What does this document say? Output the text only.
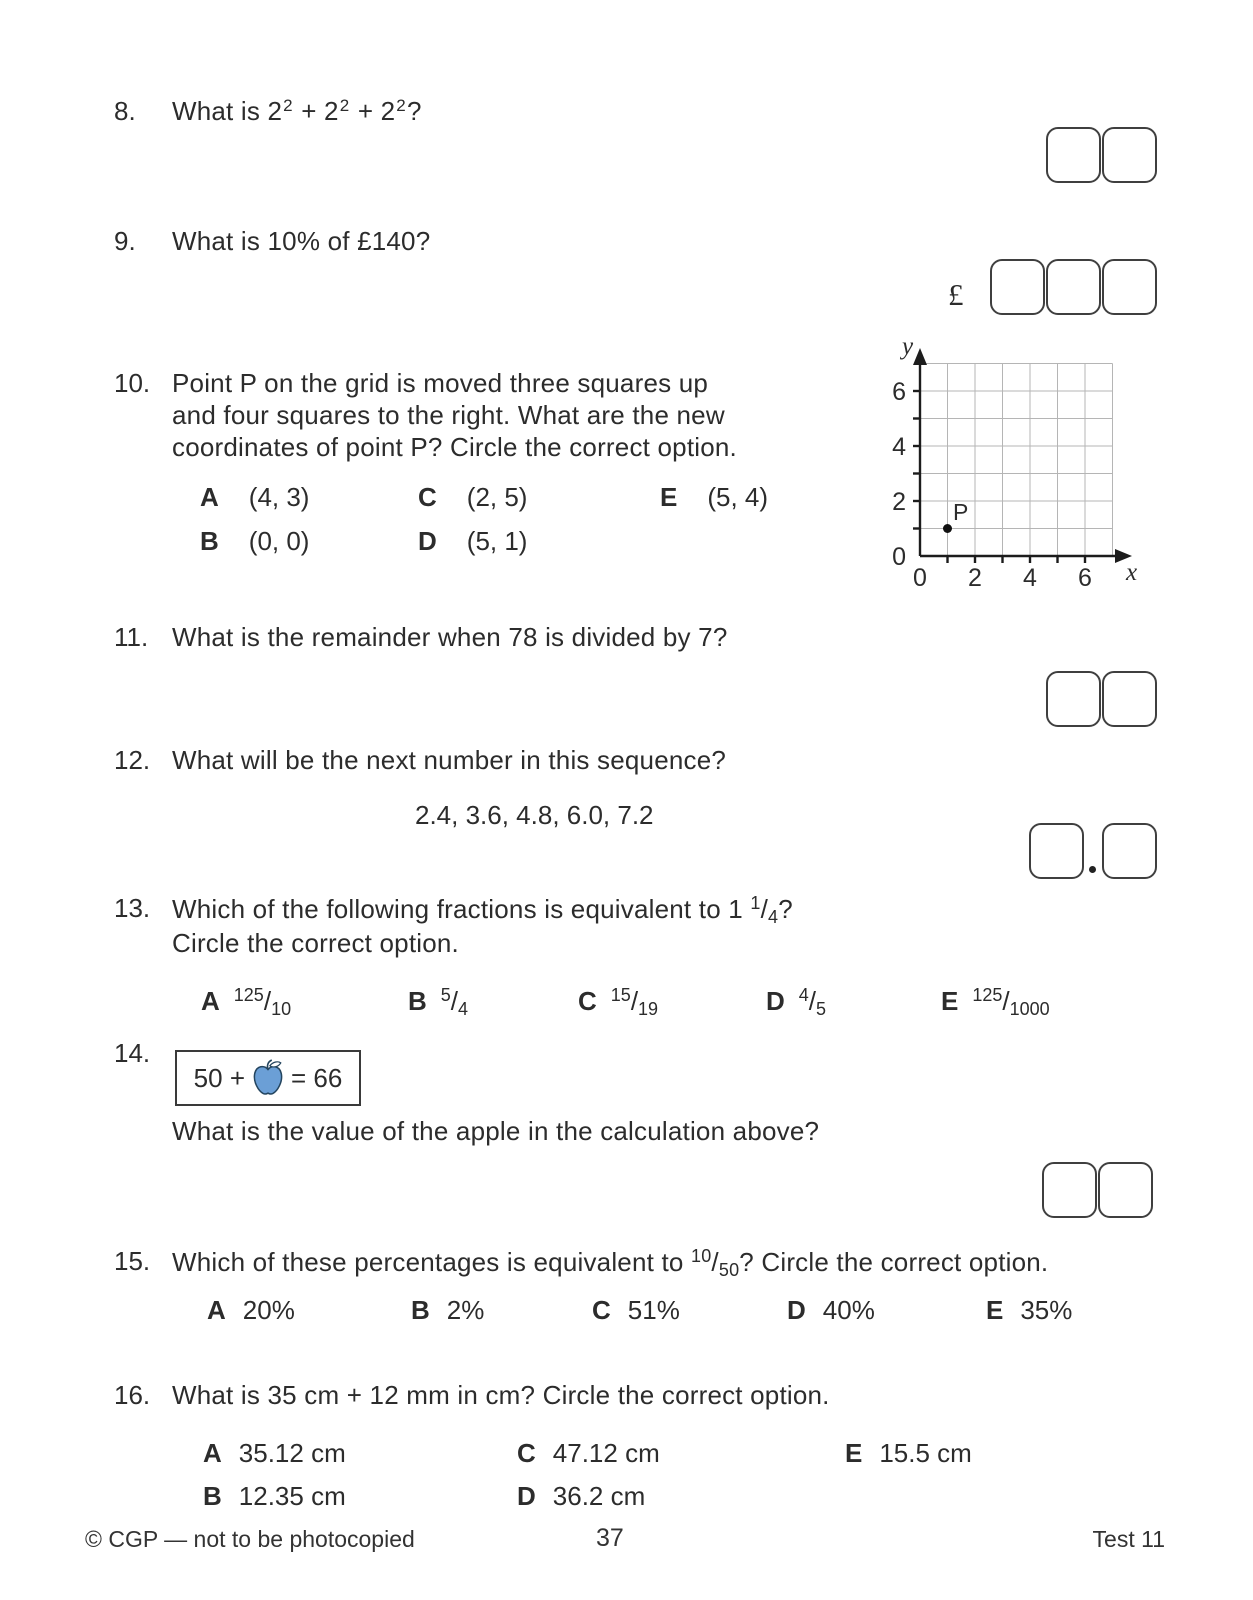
8. What is $2^2 + 2^2 + 2^2$?
9. What is 10% of £140?
£
10. Point P on the grid is moved three squares up
and four squares to the right. What are the new
coordinates of point P? Circle the correct option.
A (4, 3)	C (2, 5)	E (5, 4)
B (0, 0)	D (5, 1)
6
4
2
0
0 2 4 6
y
x
P
11. What is the remainder when 78 is divided by 7?
12. What will be the next number in this sequence?
2.4, 3.6, 4.8, 6.0, 7.2
13. Which of the following fractions is equivalent to 1 $^1$/4?
Circle the correct option.
A $^{125}$/10	B $^5$/4	C $^{15}$/19	D $^4$/5	E $^{125}$/1000
14.
50 + = 66
What is the value of the apple in the calculation above?
15. Which of these percentages is equivalent to $^{10}$/50? Circle the correct option.
A 20%	B 2%	C 51%	D 40%	E 35%
16. What is 35 cm + 12 mm in cm? Circle the correct option.
A 35.12 cm	C 47.12 cm	E 15.5 cm
B 12.35 cm	D 36.2 cm
© CGP — not to be photocopied	37	Test 11
